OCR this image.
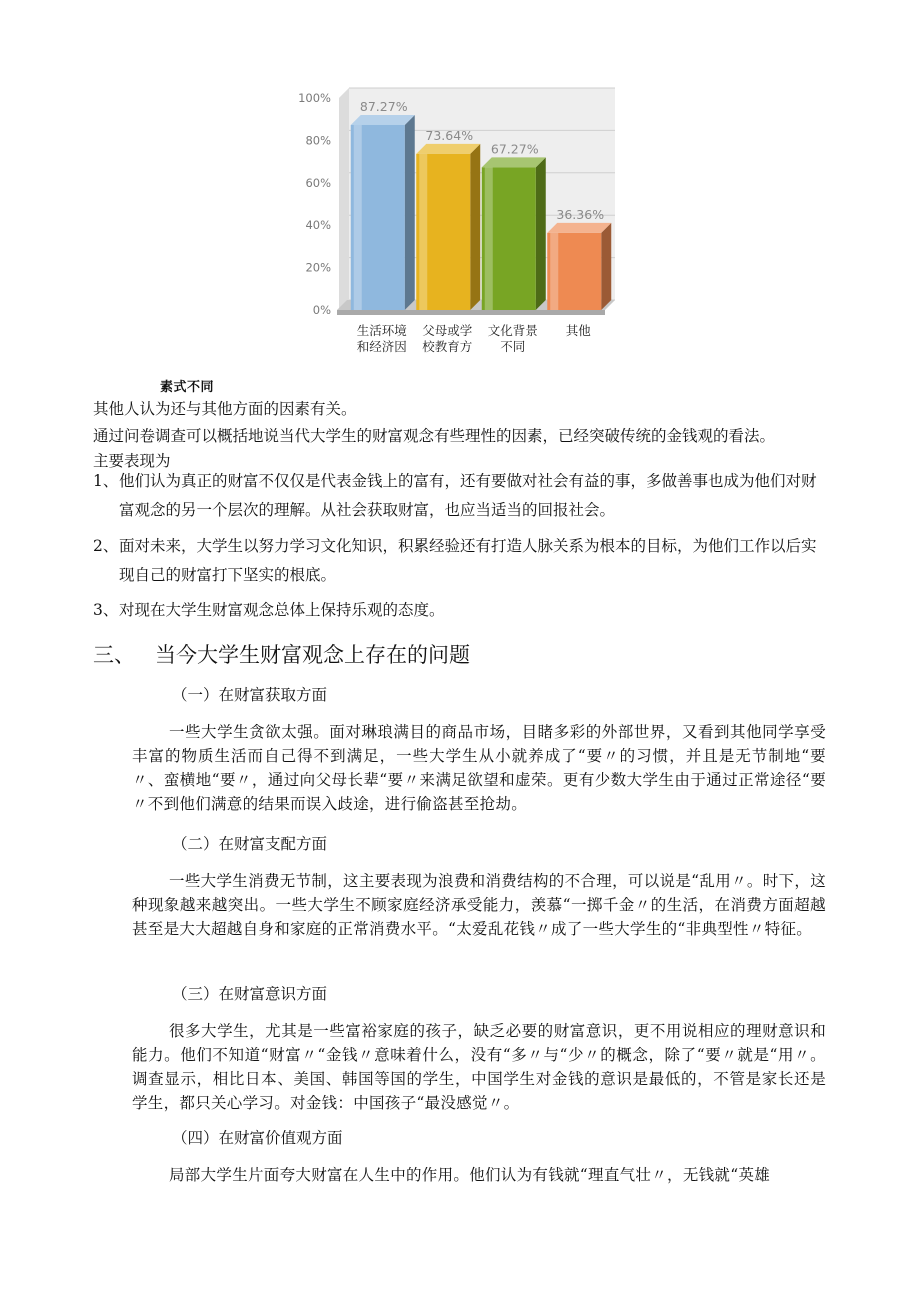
0%
20%
40%
60%
80%
100%
87.27%
生活环境
和经济因
73.64%
父母或学
校教育方
67.27%
文化背景
不同
36.36%
其他
素式不同
其他人认为还与其他方面的因素有关。
通过问卷调查可以概括地说当代大学生的财富观念有些理性的因素，已经突破传统的金钱观的看法。
主要表现为
1、 他们认为真正的财富不仅仅是代表金钱上的富有，还有要做对社会有益的事，多做善事也成为他们对财富观念的另一个层次的理解。从社会获取财富，也应当适当的回报社会。
2、 面对未来，大学生以努力学习文化知识，积累经验还有打造人脉关系为根本的目标，为他们工作以后实现自己的财富打下坚实的根底。
3、 对现在大学生财富观念总体上保持乐观的态度。
三、 当今大学生财富观念上存在的问题
（一）在财富获取方面
一些大学生贪欲太强。面对琳琅满目的商品市场，目睹多彩的外部世界，又看到其他同学享受丰富的物质生活而自己得不到满足，一些大学生从小就养成了“要〃的习惯，并且是无节制地“要〃、蛮横地“要〃，通过向父母长辈“要〃来满足欲望和虚荣。更有少数大学生由于通过正常途径“要〃不到他们满意的结果而误入歧途，进行偷盗甚至抢劫。
（二）在财富支配方面
一些大学生消费无节制，这主要表现为浪费和消费结构的不合理，可以说是“乱用〃。时下，这种现象越来越突出。一些大学生不顾家庭经济承受能力，羡慕“一掷千金〃的生活，在消费方面超越甚至是大大超越自身和家庭的正常消费水平。“太爱乱花钱〃成了一些大学生的“非典型性〃特征。
（三）在财富意识方面
很多大学生，尤其是一些富裕家庭的孩子，缺乏必要的财富意识，更不用说相应的理财意识和能力。他们不知道“财富〃“金钱〃意味着什么，没有“多〃与“少〃的概念，除了“要〃就是“用〃。调查显示，相比日本、美国、韩国等国的学生，中国学生对金钱的意识是最低的，不管是家长还是学生，都只关心学习。对金钱：中国孩子“最没感觉〃。
（四）在财富价值观方面
局部大学生片面夸大财富在人生中的作用。他们认为有钱就“理直气壮〃，无钱就“英雄
